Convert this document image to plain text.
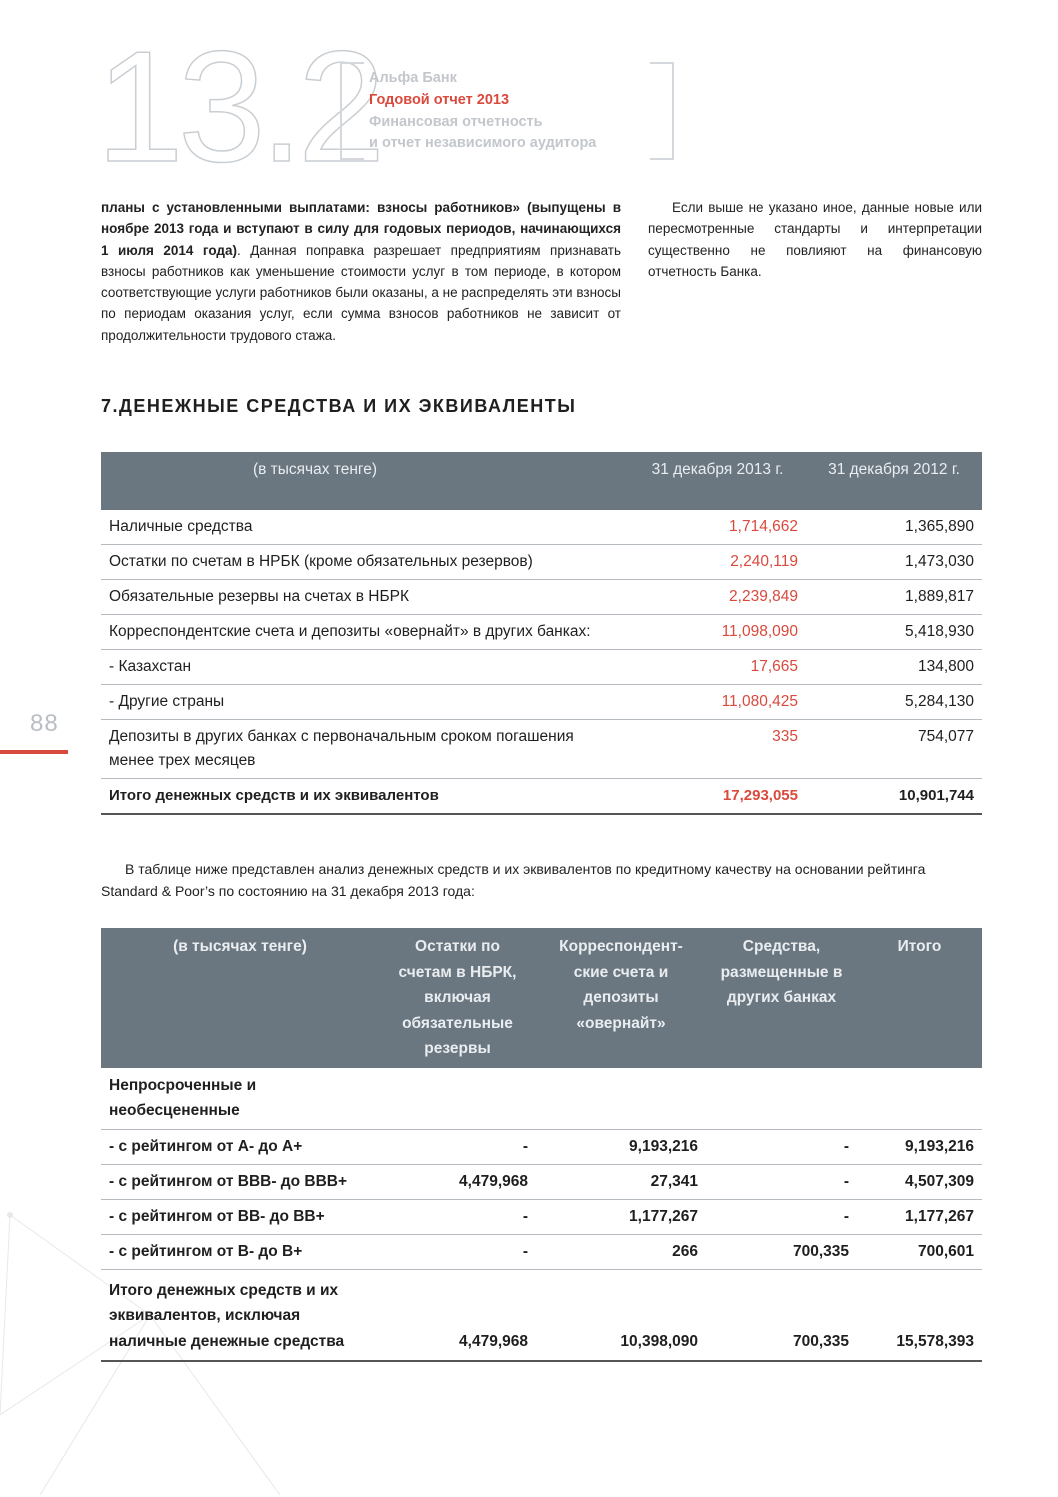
13.2
Альфа Банк
Годовой отчет 2013
Финансовая отчетность
и отчет независимого аудитора
планы с установленными выплатами: взносы работников» (выпущены в ноябре 2013 года и вступают в силу для годовых периодов, начинающихся 1 июля 2014 года). Данная поправка разрешает предприятиям признавать взносы работников как уменьшение стоимости услуг в том периоде, в котором соответствующие услуги работников были оказаны, а не распределять эти взносы по периодам оказания услуг, если сумма взносов работников не зависит от продолжительности трудового стажа.
Если выше не указано иное, данные новые или пересмотренные стандарты и интерпретации существенно не повлияют на финансовую отчетность Банка.
7.ДЕНЕЖНЫЕ СРЕДСТВА И ИХ ЭКВИВАЛЕНТЫ
88
(в тысячах тенге)	31 декабря 2013 г.	31 декабря 2012 г.
Наличные средства	1,714,662	1,365,890
Остатки по счетам в НРБК (кроме обязательных резервов)	2,240,119	1,473,030
Обязательные резервы на счетах в НБРК	2,239,849	1,889,817
Корреспондентские счета и депозиты «овернайт» в других банках:	11,098,090	5,418,930
- Казахстан	17,665	134,800
- Другие страны	11,080,425	5,284,130
Депозиты в других банках с первоначальным сроком погашения менее трех месяцев	335	754,077
Итого денежных средств и их эквивалентов	17,293,055	10,901,744
В таблице ниже представлен анализ денежных средств и их эквивалентов по кредитному качеству на основании рейтинга Standard & Poor’s по состоянию на 31 декабря 2013 года:
(в тысячах тенге)	Остатки по счетам в НБРК, включая обязательные резервы	Корреспондент- ские счета и депозиты «овернайт»	Средства, размещенные в других банках	Итого
Непросроченные и необесцененные				
- с рейтингом от А- до А+	-	9,193,216	-	9,193,216
- с рейтингом от ВВВ- до ВВВ+	4,479,968	27,341	-	4,507,309
- с рейтингом от ВВ- до ВВ+	-	1,177,267	-	1,177,267
- с рейтингом от В- до В+	-	266	700,335	700,601
Итого денежных средств и их эквивалентов, исключая наличные денежные средства	4,479,968	10,398,090	700,335	15,578,393
